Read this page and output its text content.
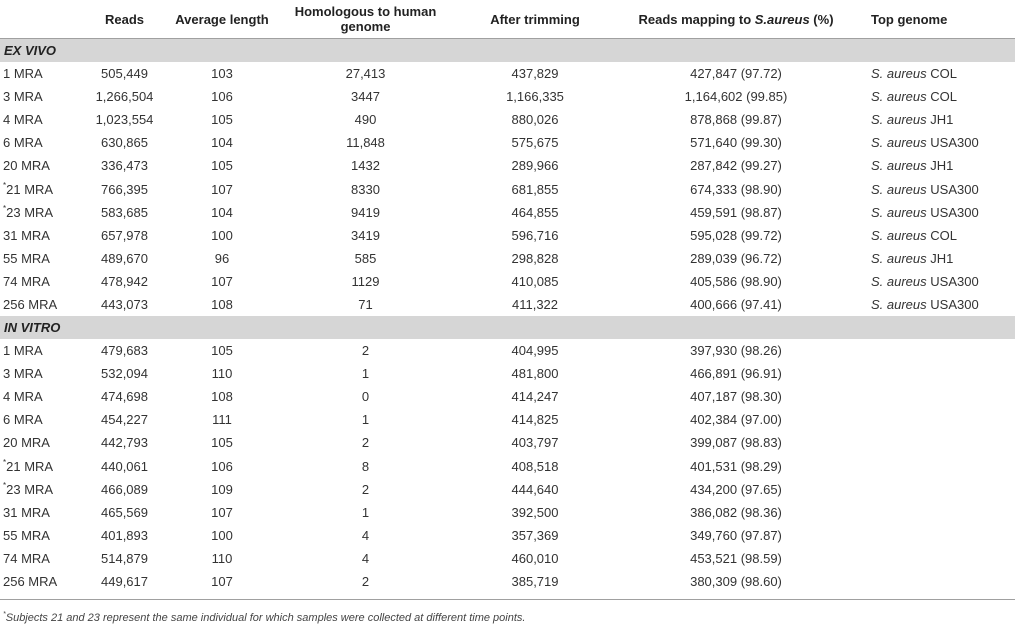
	Reads	Average length	Homologous to human genome	After trimming	Reads mapping to S.aureus (%)	Top genome
EX VIVO						
1 MRA	505,449	103	27,413	437,829	427,847 (97.72)	S. aureus COL
3 MRA	1,266,504	106	3447	1,166,335	1,164,602 (99.85)	S. aureus COL
4 MRA	1,023,554	105	490	880,026	878,868 (99.87)	S. aureus JH1
6 MRA	630,865	104	11,848	575,675	571,640 (99.30)	S. aureus USA300
20 MRA	336,473	105	1432	289,966	287,842 (99.27)	S. aureus JH1
*21 MRA	766,395	107	8330	681,855	674,333 (98.90)	S. aureus USA300
*23 MRA	583,685	104	9419	464,855	459,591 (98.87)	S. aureus USA300
31 MRA	657,978	100	3419	596,716	595,028 (99.72)	S. aureus COL
55 MRA	489,670	96	585	298,828	289,039 (96.72)	S. aureus JH1
74 MRA	478,942	107	1129	410,085	405,586 (98.90)	S. aureus USA300
256 MRA	443,073	108	71	411,322	400,666 (97.41)	S. aureus USA300
IN VITRO						
1 MRA	479,683	105	2	404,995	397,930 (98.26)	
3 MRA	532,094	110	1	481,800	466,891 (96.91)	
4 MRA	474,698	108	0	414,247	407,187 (98.30)	
6 MRA	454,227	111	1	414,825	402,384 (97.00)	
20 MRA	442,793	105	2	403,797	399,087 (98.83)	
*21 MRA	440,061	106	8	408,518	401,531 (98.29)	
*23 MRA	466,089	109	2	444,640	434,200 (97.65)	
31 MRA	465,569	107	1	392,500	386,082 (98.36)	
55 MRA	401,893	100	4	357,369	349,760 (97.87)	
74 MRA	514,879	110	4	460,010	453,521 (98.59)	
256 MRA	449,617	107	2	385,719	380,309 (98.60)	
*Subjects 21 and 23 represent the same individual for which samples were collected at different time points.
